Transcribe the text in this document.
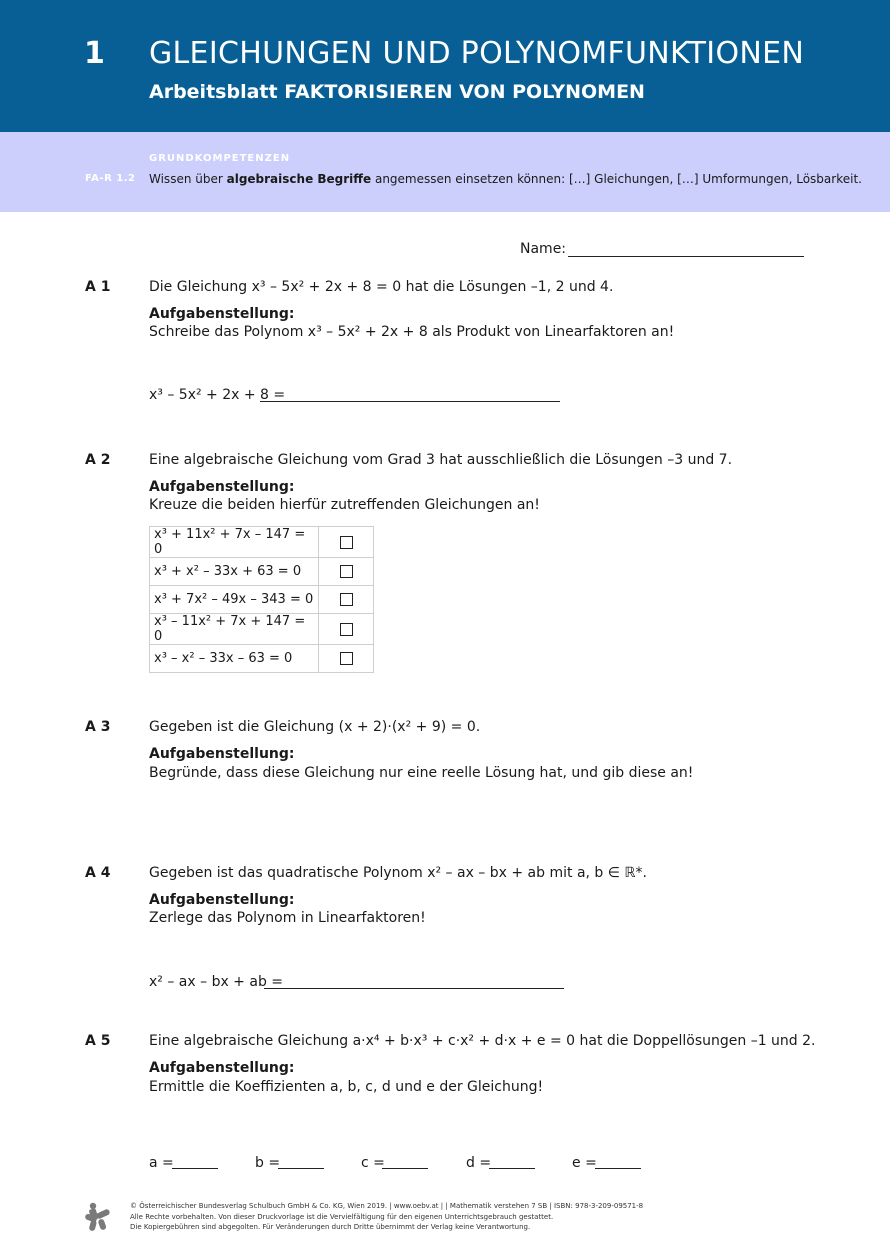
1 GLEICHUNGEN UND POLYNOMFUNKTIONEN
Arbeitsblatt FAKTORISIEREN VON POLYNOMEN
GRUNDKOMPETENZEN
FA-R 1.2 Wissen über algebraische Begriffe angemessen einsetzen können: […] Gleichungen, […] Umformungen, Lösbarkeit.
Name:
A 1	Die Gleichung x³ – 5x² + 2x + 8 = 0 hat die Lösungen –1, 2 und 4.
Aufgabenstellung:
Schreibe das Polynom x³ – 5x² + 2x + 8 als Produkt von Linearfaktoren an!
x³ – 5x² + 2x + 8 =
A 2	Eine algebraische Gleichung vom Grad 3 hat ausschließlich die Lösungen –3 und 7.
Aufgabenstellung:
Kreuze die beiden hierfür zutreffenden Gleichungen an!
x³ + 11x² + 7x – 147 = 0	
x³ + x² – 33x + 63 = 0	
x³ + 7x² – 49x – 343 = 0	
x³ – 11x² + 7x + 147 = 0	
x³ – x² – 33x – 63 = 0	
A 3	Gegeben ist die Gleichung (x + 2)·(x² + 9) = 0.
Aufgabenstellung:
Begründe, dass diese Gleichung nur eine reelle Lösung hat, und gib diese an!
A 4	Gegeben ist das quadratische Polynom x² – ax – bx + ab mit a, b ∈ ℝ*.
Aufgabenstellung:
Zerlege das Polynom in Linearfaktoren!
x² – ax – bx + ab =
A 5	Eine algebraische Gleichung a·x⁴ + b·x³ + c·x² + d·x + e = 0 hat die Doppellösungen –1 und 2.
Aufgabenstellung:
Ermittle die Koeffizienten a, b, c, d und e der Gleichung!
a =	b =	c =	d =	e =
© Österreichischer Bundesverlag Schulbuch GmbH & Co. KG, Wien 2019. | www.oebv.at | | Mathematik verstehen 7 SB | ISBN: 978-3-209-09571-8
Alle Rechte vorbehalten. Von dieser Druckvorlage ist die Vervielfältigung für den eigenen Unterrichtsgebrauch gestattet.
Die Kopiergebühren sind abgegolten. Für Veränderungen durch Dritte übernimmt der Verlag keine Verantwortung.
